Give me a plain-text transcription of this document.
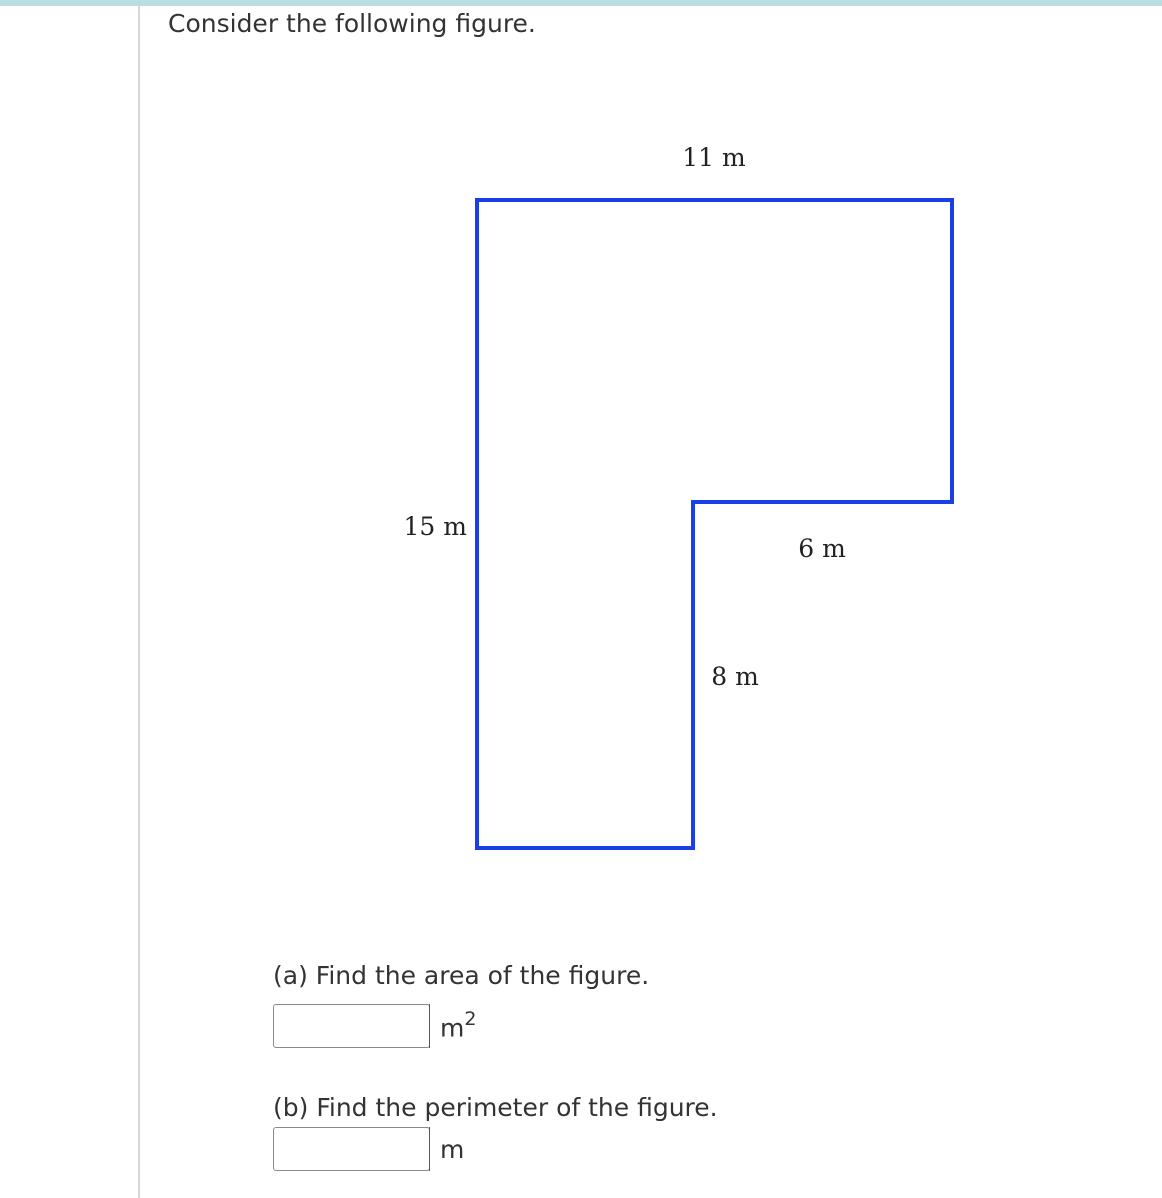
Consider the following figure.
11 m
15 m
6 m
8 m
(a) Find the area of the figure.
$m^2$
(b) Find the perimeter of the figure.
m
